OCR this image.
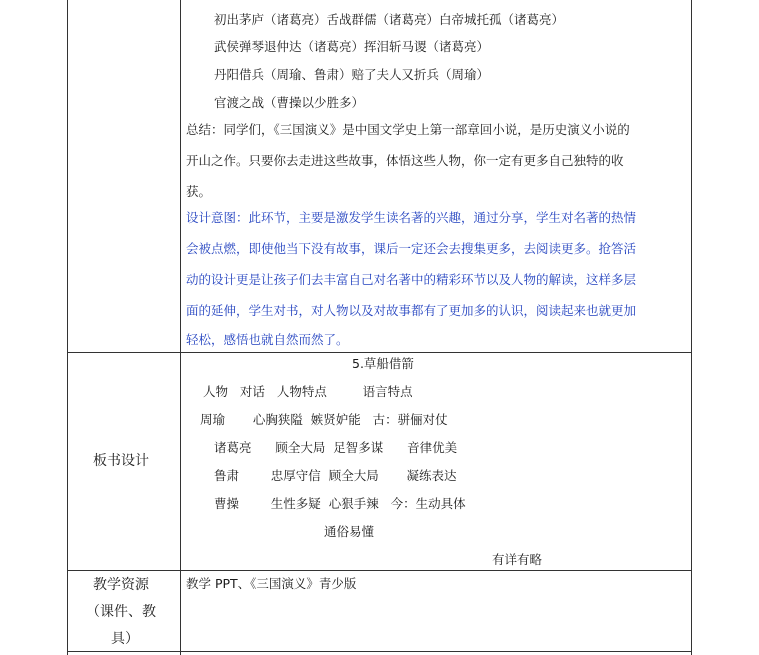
初出茅庐（诸葛亮）舌战群儒（诸葛亮）白帝城托孤（诸葛亮）
武侯弹琴退仲达（诸葛亮）挥泪斩马谡（诸葛亮）
丹阳借兵（周瑜、鲁肃）赔了夫人又折兵（周瑜）
官渡之战（曹操以少胜多）
总结：同学们，《三国演义》是中国文学史上第一部章回小说，是历史演义小说的
开山之作。只要你去走进这些故事，体悟这些人物，你一定有更多自己独特的收
获。
设计意图：此环节，主要是激发学生读名著的兴趣，通过分享，学生对名著的热情
会被点燃，即使他当下没有故事，课后一定还会去搜集更多，去阅读更多。抢答活
动的设计更是让孩子们去丰富自己对名著中的精彩环节以及人物的解读，这样多层
面的延伸，学生对书，对人物以及对故事都有了更加多的认识，阅读起来也就更加
轻松，感悟也就自然而然了。
板书设计
5.草船借箭
人物   对话   人物特点         语言特点
周瑜       心胸狭隘  嫉贤妒能   古：骈俪对仗
诸葛亮      顾全大局  足智多谋      音律优美
鲁肃        忠厚守信  顾全大局       凝练表达
曹操        生性多疑  心狠手辣   今：生动具体
通俗易懂
有详有略
教学资源
（课件、教
具）
教学 PPT、《三国演义》青少版
